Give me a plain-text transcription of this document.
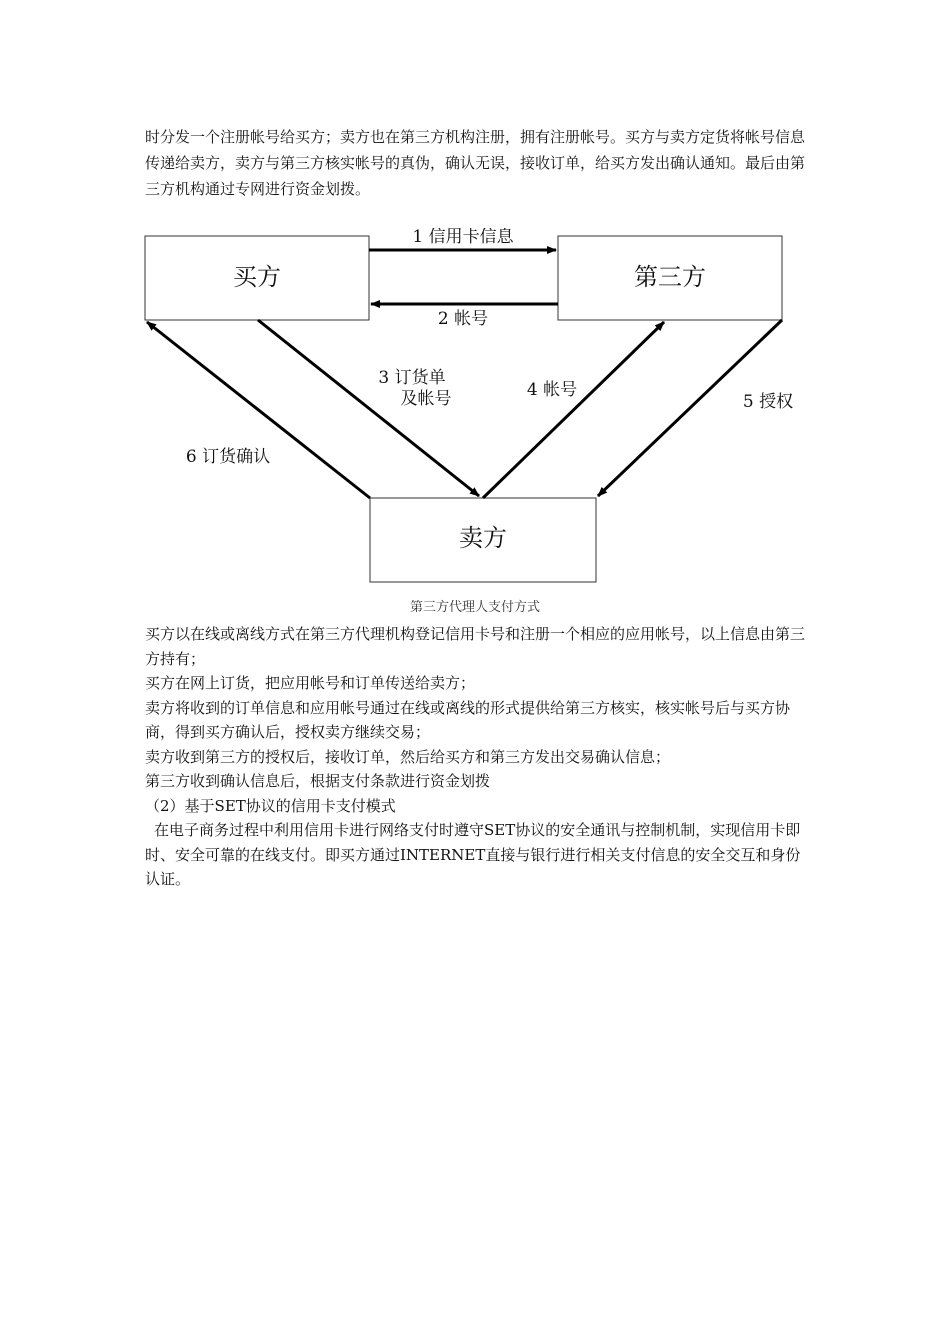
时分发一个注册帐号给买方；卖方也在第三方机构注册，拥有注册帐号。买方与卖方定货将帐号信息传递给卖方，卖方与第三方核实帐号的真伪，确认无误，接收订单，给买方发出确认通知。最后由第三方机构通过专网进行资金划拨。

买方	第三方
卖方
1 信用卡信息
2 帐号
3 订货单
及帐号	4 帐号
5 授权
6 订货确认
第三方代理人支付方式
买方以在线或离线方式在第三方代理机构登记信用卡号和注册一个相应的应用帐号，以上信息由第三方持有；
买方在网上订货，把应用帐号和订单传送给卖方；
卖方将收到的订单信息和应用帐号通过在线或离线的形式提供给第三方核实，核实帐号后与买方协商，得到买方确认后，授权卖方继续交易；
卖方收到第三方的授权后，接收订单，然后给买方和第三方发出交易确认信息；
第三方收到确认信息后，根据支付条款进行资金划拨
（2）基于SET协议的信用卡支付模式
在电子商务过程中利用信用卡进行网络支付时遵守SET协议的安全通讯与控制机制，实现信用卡即时、安全可靠的在线支付。即买方通过INTERNET直接与银行进行相关支付信息的安全交互和身份认证。
